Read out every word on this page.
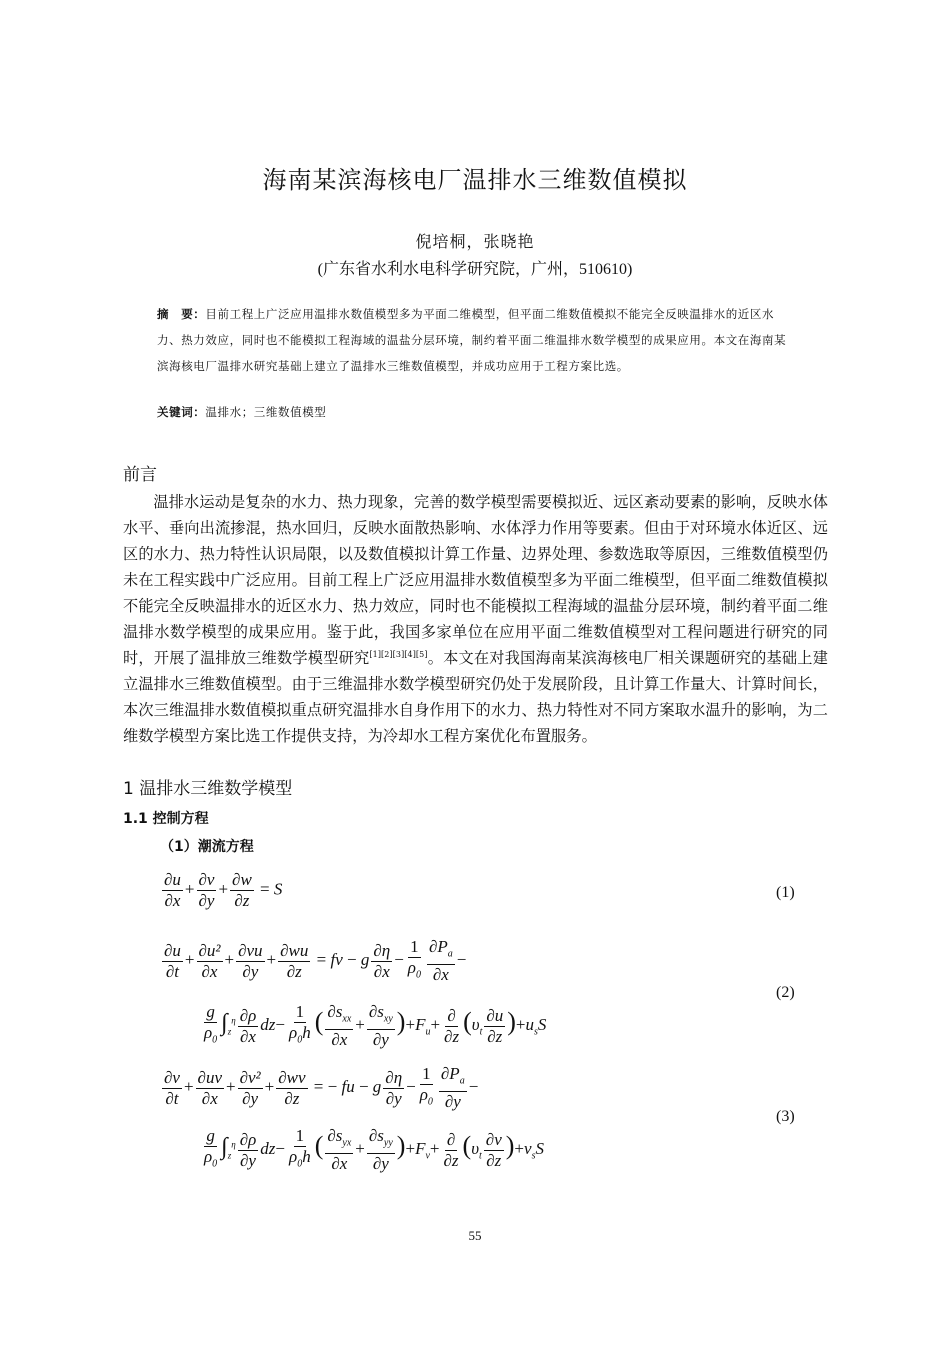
海南某滨海核电厂温排水三维数值模拟
倪培桐，张晓艳
(广东省水利水电科学研究院，广州，510610)
摘　要：目前工程上广泛应用温排水数值模型多为平面二维模型，但平面二维数值模拟不能完全反映温排水的近区水力、热力效应，同时也不能模拟工程海域的温盐分层环境，制约着平面二维温排水数学模型的成果应用。本文在海南某滨海核电厂温排水研究基础上建立了温排水三维数值模型，并成功应用于工程方案比选。
关键词：温排水；三维数值模型
前言
温排水运动是复杂的水力、热力现象，完善的数学模型需要模拟近、远区紊动要素的影响，反映水体水平、垂向出流掺混，热水回归，反映水面散热影响、水体浮力作用等要素。但由于对环境水体近区、远区的水力、热力特性认识局限，以及数值模拟计算工作量、边界处理、参数选取等原因，三维数值模型仍未在工程实践中广泛应用。目前工程上广泛应用温排水数值模型多为平面二维模型，但平面二维数值模拟不能完全反映温排水的近区水力、热力效应，同时也不能模拟工程海域的温盐分层环境，制约着平面二维温排水数学模型的成果应用。鉴于此，我国多家单位在应用平面二维数值模型对工程问题进行研究的同时，开展了温排放三维数学模型研究[1][2][3][4][5]。本文在对我国海南某滨海核电厂相关课题研究的基础上建立温排水三维数值模型。由于三维温排水数学模型研究仍处于发展阶段，且计算工作量大、计算时间长，本次三维温排水数值模拟重点研究温排水自身作用下的水力、热力特性对不同方案取水温升的影响，为二维数学模型方案比选工作提供支持，为冷却水工程方案优化布置服务。
1 温排水三维数学模型
1.1 控制方程
（1）潮流方程
$\frac{\partial u}{\partial x} + \frac{\partial v}{\partial y} + \frac{\partial w}{\partial z} = S$	(1)
$\frac{\partial u}{\partial t} + \frac{\text{∂u²}}{\partial x} + \frac{\partial vu}{\partial y} + \frac{\partial wu}{\partial z}$ = fv − g $\frac{\partial\eta}{\partial x} - \frac{1}{\rho_0} \frac{\partial P_a}{\partial x}$ −
$\frac{g}{\rho_0} \int_z^\eta \frac{\partial\rho}{\partial x} dz- \frac{1}{\rho_0h}$ ( $\frac{\partial s_{xx}}{\partial x} + \frac{\partial s_{xy}}{\partial y} )+F_u+ \frac{\partial}{\partial z} (\upsilon_t \frac{\partial u}{\partial z} )+u_sS$
(2)
$\frac{\partial v}{\partial t} + \frac{\partial uv}{\partial x} + \frac{\text{∂v²}}{\partial y} + \frac{\partial wv}{\partial z}$ = − fu − g $\frac{\partial\eta}{\partial y} - \frac{1}{\rho_0} \frac{\partial P_a}{\partial y}$ −
$\frac{g}{\rho_0} \int_z^\eta \frac{\partial\rho}{\partial y} dz- \frac{1}{\rho_0h}$ ( $\frac{\partial s_{yx}}{\partial x} + \frac{\partial s_{yy}}{\partial y} )+F_v+ \frac{\partial}{\partial z} (\upsilon_t \frac{\partial v}{\partial z} )+v_sS$
(3)
55
